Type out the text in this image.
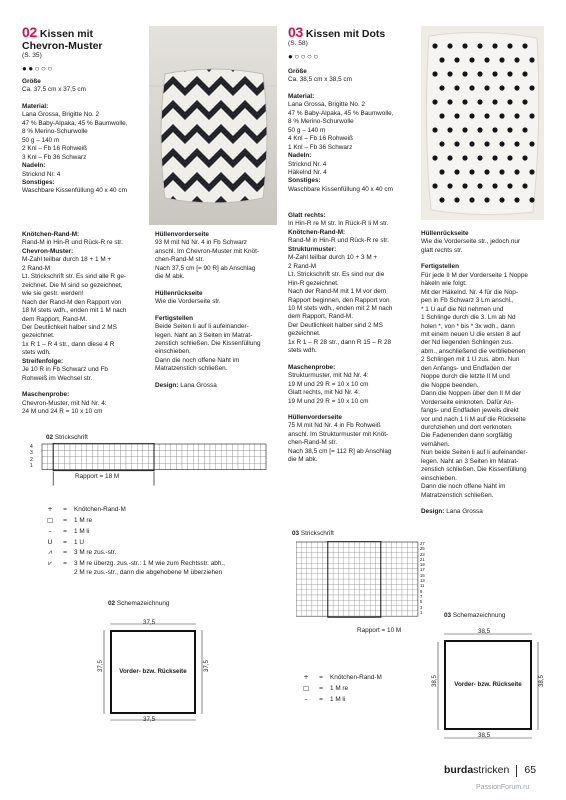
02 Kissen mit
Chevron-Muster
(S. 35)
●●○○○

Größe

Ca. 37,5 cm x 37,5 cm

Material:

Lana Grossa, Brigitte No. 2
47 % Baby-Alpaka, 45 % Baumwolle,
8 % Merino-Schurwolle
50 g – 140 m
2 Knl – Fb 16 Rohweiß
3 Knl – Fb 36 Schwarz

Nadeln:

Stricknd Nr. 4

Sonstiges:

Waschbare Kissenfüllung 40 x 40 cm

Knötchen-Rand-M:

Rand-M in Hin-R und Rück-R re str.

Chevron-Muster:

M-Zahl teilbar durch 18 + 1 M +
2 Rand-M
Lt. Strickschrift str. Es sind alle R ge-
zeichnet. Die M sind so gezeichnet,
wie sie gestr. werden!
Nach der Rand-M den Rapport von
18 M stets wdh., enden mit 1 M nach
dem Rapport, Rand-M.
Der Deutlichkeit halber sind 2 MS
gezeichnet.
1x R 1 – R 4 str., dann diese 4 R
stets wdh.

Streifenfolge:

Je 10 R in Fb Schwarz und Fb
Rohweiß im Wechsel str.

Maschenprobe:

Chevron-Muster, mit Nd Nr. 4:
24 M und 24 R = 10 x 10 cm

Hüllenvorderseite

93 M mit Nd Nr. 4 in Fb Schwarz
anschl. Im Chevron-Muster mit Knöt-
chen-Rand-M str.
Nach 37,5 cm [= 90 R] ab Anschlag
die M abk.

Hüllenrückseite

Wie die Vorderseite str.

Fertigstellen

Beide Seiten li auf li aufeinander-
legen. Naht an 3 Seiten im Matrat-
zenstich schließen. Die Kissenfüllung
einschieben.
Dann die noch offene Naht im
Matratzenstich schließen.

Design: Lana Grossa

02 Strickschrift
4
3
2
1
Rapport = 18 M
+	=	Knötchen-Rand-M
□	=	1 M re
–	=	1 M li
U	=	1 U
⩘	=	3 M re zus.-str.
⩗	=	3 M re überzg. zus.-str.: 1 M wie zum Rechtsstr. abh.,
2 M re zus.-str., dann die abgehobene M überziehen
02 Schemazeichnung
37,5
37,5
37,5	37,5
Vorder- bzw. Rückseite
03 Kissen mit Dots
(S. 58)
●○○○○

Größe

Ca. 38,5 cm x 38,5 cm

Material:

Lana Grossa, Brigitte No. 2
47 % Baby-Alpaka, 45 % Baumwolle,
8 % Merino-Schurwolle
50 g – 140 m
4 Knl – Fb 16 Rohweiß
1 Knl – Fb 36 Schwarz

Nadeln:

Stricknd Nr. 4
Häkelnd Nr. 4

Sonstiges:

Waschbare Kissenfüllung 40 x 40 cm

Glatt rechts:

In Hin-R re M str. In Rück-R li M str.

Knötchen-Rand-M:

Rand-M in Hin-R und Rück-R re str.

Strukturmuster:

M-Zahl teilbar durch 10 + 3 M +
2 Rand-M
Lt. Strickschrift str. Es sind nur die
Hin-R gezeichnet.
Nach der Rand-M mit 1 M vor dem
Rapport beginnen, den Rapport von
10 M stets wdh., enden mit 2 M nach
dem Rapport, Rand-M.
Der Deutlichkeit halber sind 2 MS
gezeichnet.
1x R 1 – R 28 str., dann R 15 – R 28
stets wdh.

Maschenprobe:

Strukturmuster, mit Nd Nr. 4:
19 M und 29 R = 10 x 10 cm
Glatt rechts, mit Nd Nr. 4:
19 M und 29 R = 10 x 10 cm

Hüllenvorderseite

75 M mit Nd Nr. 4 in Fb Rohweiß
anschl. Im Strukturmuster mit Knöt-
chen-Rand-M str.
Nach 38,5 cm [= 112 R] ab Anschlag
die M abk.

Hüllenrückseite

Wie die Vorderseite str., jedoch nur
glatt rechts str.

Fertigstellen

Für jede II M der Vorderseite 1 Noppe
häkeln wie folgt:
Mit der Häkelnd. Nr. 4 für die Nop-
pen in Fb Schwarz 3 Lm anschl.,
* 1 U auf die Nd nehmen und
1 Schlinge durch die 3. Lm ab Nd
holen *, von * bis * 3x wdh., dann
mit einem neuen U die ersten 8 auf
der Nd liegenden Schlingen zus.
abm., anschließend die verbliebenen
2 Schlingen mit 1 U zus. abm. Nun
den Anfangs- und Endfaden der
Noppe durch die letzte II M und
die Noppe beenden.
Dann die Noppen über den II M der
Vorderseite einknoten. Dafür An-
fangs- und Endfaden jeweils direkt
vor und nach 1 li M auf die Rückseite
durchziehen und dort verknoten.
Die Fadenenden dann sorgfältig
vernähen.
Nun beide Seiten li auf li aufeinander-
legen. Naht an 3 Seiten im Matrat-
zenstich schließen. Die Kissenfüllung
einschieben.
Dann die noch offene Naht im
Matratzenstich schließen.

Design: Lana Grossa

03 Strickschrift
27
25
23
21
19
17
15
13
11
9
7
5
3
1
Rapport = 10 M
+	=	Knötchen-Rand-M
□	=	1 M re
–	=	1 M li
03 Schemazeichnung
38,5
38,5
38,5	38,5
Vorder- bzw. Rückseite
burdastricken 65
PassionForum.ru
